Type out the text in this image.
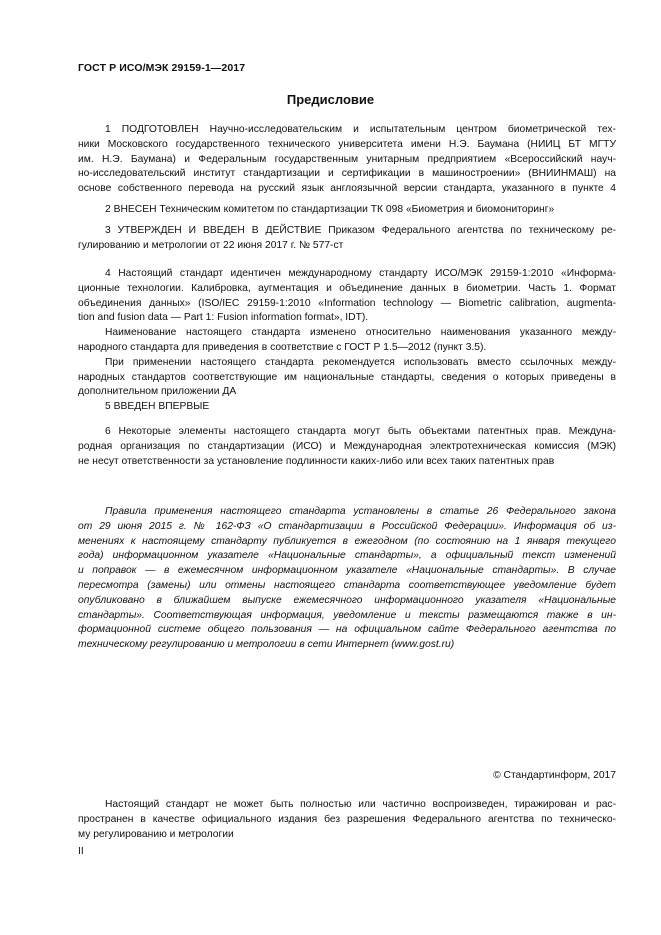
ГОСТ Р ИСО/МЭК 29159-1—2017
Предисловие
1 ПОДГОТОВЛЕН Научно-исследовательским и испытательным центром биометрической тех-
ники Московского государственного технического университета имени Н.Э. Баумана (НИИЦ БТ МГТУ
им. Н.Э. Баумана) и Федеральным государственным унитарным предприятием «Всероссийский науч-
но-исследовательский институт стандартизации и сертификации в машиностроении» (ВНИИНМАШ) на
основе собственного перевода на русский язык англоязычной версии стандарта, указанного в пункте 4
2 ВНЕСЕН Техническим комитетом по стандартизации ТК 098 «Биометрия и биомониторинг»
3 УТВЕРЖДЕН И ВВЕДЕН В ДЕЙСТВИЕ Приказом Федерального агентства по техническому ре-
гулированию и метрологии от 22 июня 2017 г. № 577-ст
4 Настоящий стандарт идентичен международному стандарту ИСО/МЭК 29159-1:2010 «Информа-
ционные технологии. Калибровка, аугментация и объединение данных в биометрии. Часть 1. Формат
объединения данных» (ISO/IEC 29159-1:2010 «Information technology — Biometric calibration, augmenta-
tion and fusion data — Part 1: Fusion information format», IDT).
Наименование настоящего стандарта изменено относительно наименования указанного между-
народного стандарта для приведения в соответствие с ГОСТ Р 1.5—2012 (пункт 3.5).
При применении настоящего стандарта рекомендуется использовать вместо ссылочных между-
народных стандартов соответствующие им национальные стандарты, сведения о которых приведены в
дополнительном приложении ДА
5 ВВЕДЕН ВПЕРВЫЕ
6 Некоторые элементы настоящего стандарта могут быть объектами патентных прав. Междуна-
родная организация по стандартизации (ИСО) и Международная электротехническая комиссия (МЭК)
не несут ответственности за установление подлинности каких-либо или всех таких патентных прав
Правила применения настоящего стандарта установлены в статье 26 Федерального закона
от 29 июня 2015 г. № 162-ФЗ «О стандартизации в Российской Федерации». Информация об из-
менениях к настоящему стандарту публикуется в ежегодном (по состоянию на 1 января текущего
года) информационном указателе «Национальные стандарты», а официальный текст изменений
и поправок — в ежемесячном информационном указателе «Национальные стандарты». В случае
пересмотра (замены) или отмены настоящего стандарта соответствующее уведомление будет
опубликовано в ближайшем выпуске ежемесячного информационного указателя «Национальные
стандарты». Соответствующая информация, уведомление и тексты размещаются также в ин-
формационной системе общего пользования — на официальном сайте Федерального агентства по
техническому регулированию и метрологии в сети Интернет (www.gost.ru)
© Стандартинформ, 2017
Настоящий стандарт не может быть полностью или частично воспроизведен, тиражирован и рас-
пространен в качестве официального издания без разрешения Федерального агентства по техническо-
му регулированию и метрологии
II
